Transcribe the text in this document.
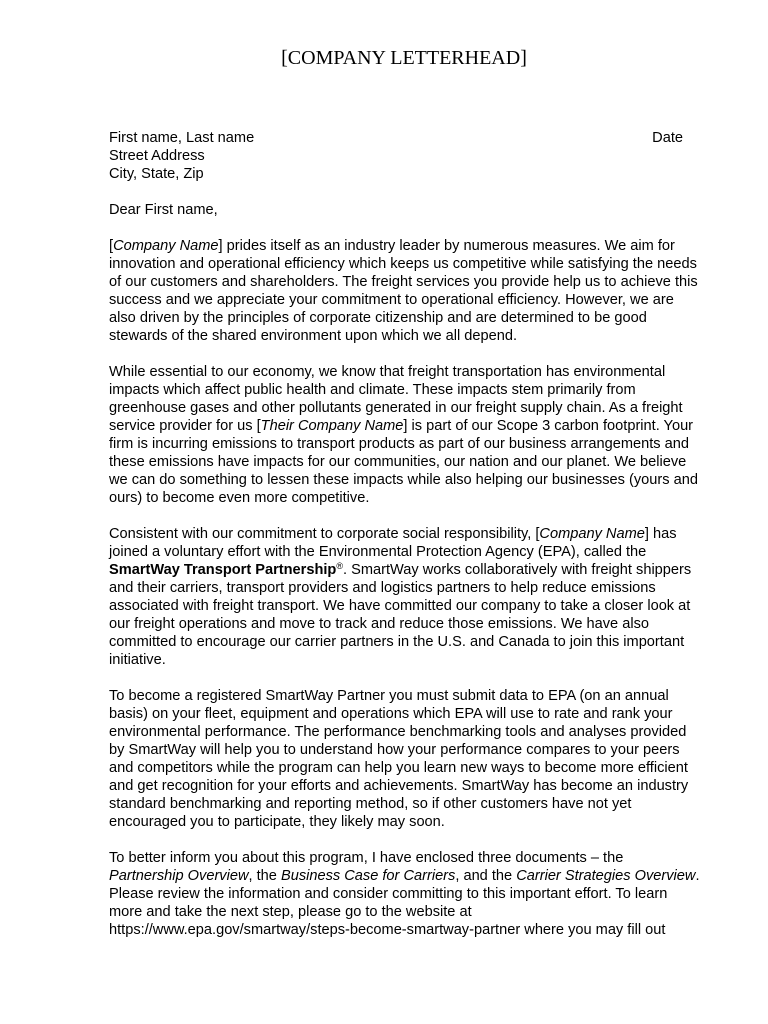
[COMPANY LETTERHEAD]
First name, Last name	Date
Street Address
City, State, Zip

Dear First name,

[Company Name] prides itself as an industry leader by numerous measures. We aim for innovation and operational efficiency which keeps us competitive while satisfying the needs of our customers and shareholders. The freight services you provide help us to achieve this success and we appreciate your commitment to operational efficiency. However, we are also driven by the principles of corporate citizenship and are determined to be good stewards of the shared environment upon which we all depend.

While essential to our economy, we know that freight transportation has environmental impacts which affect public health and climate. These impacts stem primarily from greenhouse gases and other pollutants generated in our freight supply chain. As a freight service provider for us [Their Company Name] is part of our Scope 3 carbon footprint. Your firm is incurring emissions to transport products as part of our business arrangements and these emissions have impacts for our communities, our nation and our planet. We believe we can do something to lessen these impacts while also helping our businesses (yours and ours) to become even more competitive.

Consistent with our commitment to corporate social responsibility, [Company Name] has joined a voluntary effort with the Environmental Protection Agency (EPA), called the SmartWay Transport Partnership®. SmartWay works collaboratively with freight shippers and their carriers, transport providers and logistics partners to help reduce emissions associated with freight transport. We have committed our company to take a closer look at our freight operations and move to track and reduce those emissions. We have also committed to encourage our carrier partners in the U.S. and Canada to join this important initiative.

To become a registered SmartWay Partner you must submit data to EPA (on an annual basis) on your fleet, equipment and operations which EPA will use to rate and rank your environmental performance. The performance benchmarking tools and analyses provided by SmartWay will help you to understand how your performance compares to your peers and competitors while the program can help you learn new ways to become more efficient and get recognition for your efforts and achievements. SmartWay has become an industry standard benchmarking and reporting method, so if other customers have not yet encouraged you to participate, they likely may soon.

To better inform you about this program, I have enclosed three documents – the Partnership Overview, the Business Case for Carriers, and the Carrier Strategies Overview. Please review the information and consider committing to this important effort. To learn more and take the next step, please go to the website at
https://www.epa.gov/smartway/steps-become-smartway-partner where you may fill out
